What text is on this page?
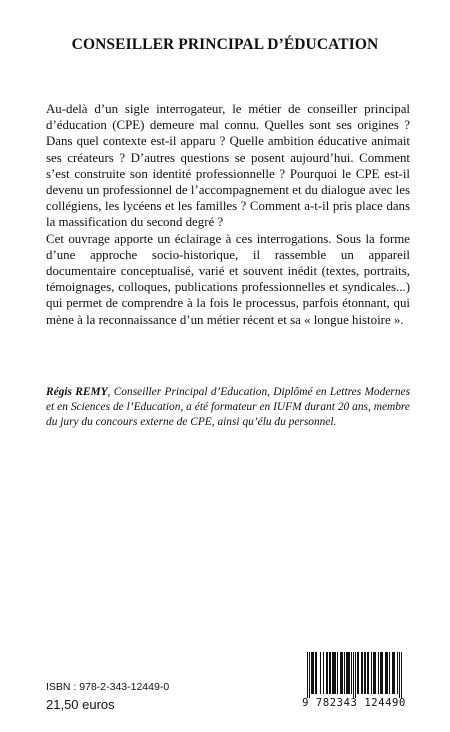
CONSEILLER PRINCIPAL D’ÉDUCATION

Au-delà d’un sigle interrogateur, le métier de conseiller principal d’éducation (CPE) demeure mal connu. Quelles sont ses origines ? Dans quel contexte est-il apparu ? Quelle ambition éducative animait ses créateurs ? D’autres questions se posent aujourd’hui. Comment s’est construite son identité professionnelle ? Pourquoi le CPE est-il devenu un professionnel de l’accompagnement et du dialogue avec les collégiens, les lycéens et les familles ? Comment a-t-il pris place dans la massification du second degré ?

Cet ouvrage apporte un éclairage à ces interrogations. Sous la forme d’une approche socio-historique, il rassemble un appareil documentaire conceptualisé, varié et souvent inédit (textes, portraits, témoignages, colloques, publications professionnelles et syndicales...) qui permet de comprendre à la fois le processus, parfois étonnant, qui mène à la reconnaissance d’un métier récent et sa « longue histoire ».

Régis REMY, Conseiller Principal d’Education, Diplômé en Lettres Modernes et en Sciences de l’Education, a été formateur en IUFM durant 20 ans, membre du jury du concours externe de CPE, ainsi qu’élu du personnel.

ISBN : 978-2-343-12449-0

21,50 euros	9 782343 124490
